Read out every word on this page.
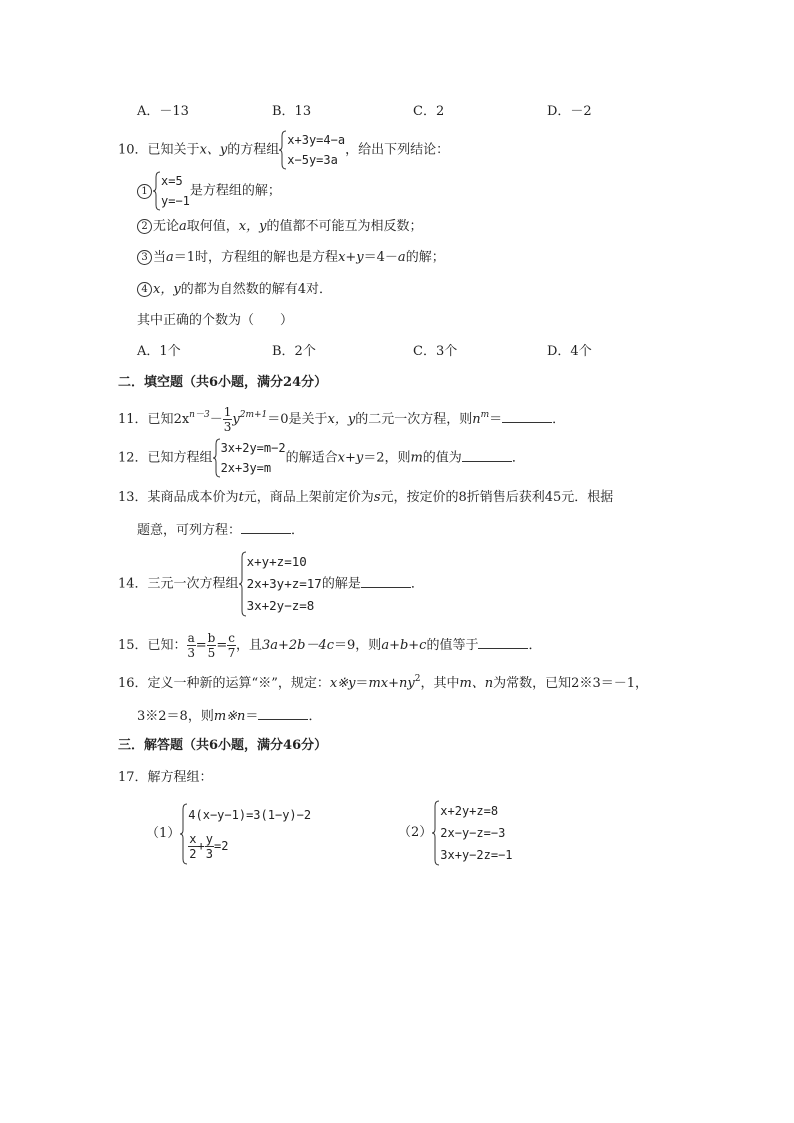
A．－13	B．13	C．2	D．－2
10．已知关于x、y的方程组
x+3y=4−a
x−5y=3a
，给出下列结论：
1
x=5
y=−1
是方程组的解；
2 无论a取何值，x，y的值都不可能互为相反数；
3 当a＝1时，方程组的解也是方程x+y＝4－a的解；
4 x，y的都为自然数的解有4对．
其中正确的个数为（　　）
A．1个	B．2个	C．3个	D．4个
二．填空题（共6小题，满分24分）
11．已知$2x^{n-3}- \frac{1}{3} y^{2m+1}=0$是关于x，y的二元一次方程，则$n^m=$	．
12．已知方程组
3x+2y=m−2
2x+3y=m
的解适合x+y＝2，则m的值为	．
13．某商品成本价为t元，商品上架前定价为s元，按定价的8折销售后获利45元．根据
题意，可列方程：	．
14．三元一次方程组
x+y+z=10
2x+3y+z=17
3x+2y−z=8
的解是	．
15．已知： $\frac{a}{3} = \frac{b}{5} = \frac{c}{7}$ ，且3a+2b－4c＝9，则a+b+c的值等于	．
16．定义一种新的运算“※”，规定：$x※y=mx+ny^2$，其中m、n为常数，已知2※3＝－1，
3※2＝8，则m※n＝	．
三．解答题（共6小题，满分46分）
17．解方程组：
（1）
4(x−y−1)=3(1−y)−2
$\frac{x}{2} + \frac{y}{3} =2$
（2）
x+2y+z=8
2x−y−z=−3
3x+y−2z=−1
